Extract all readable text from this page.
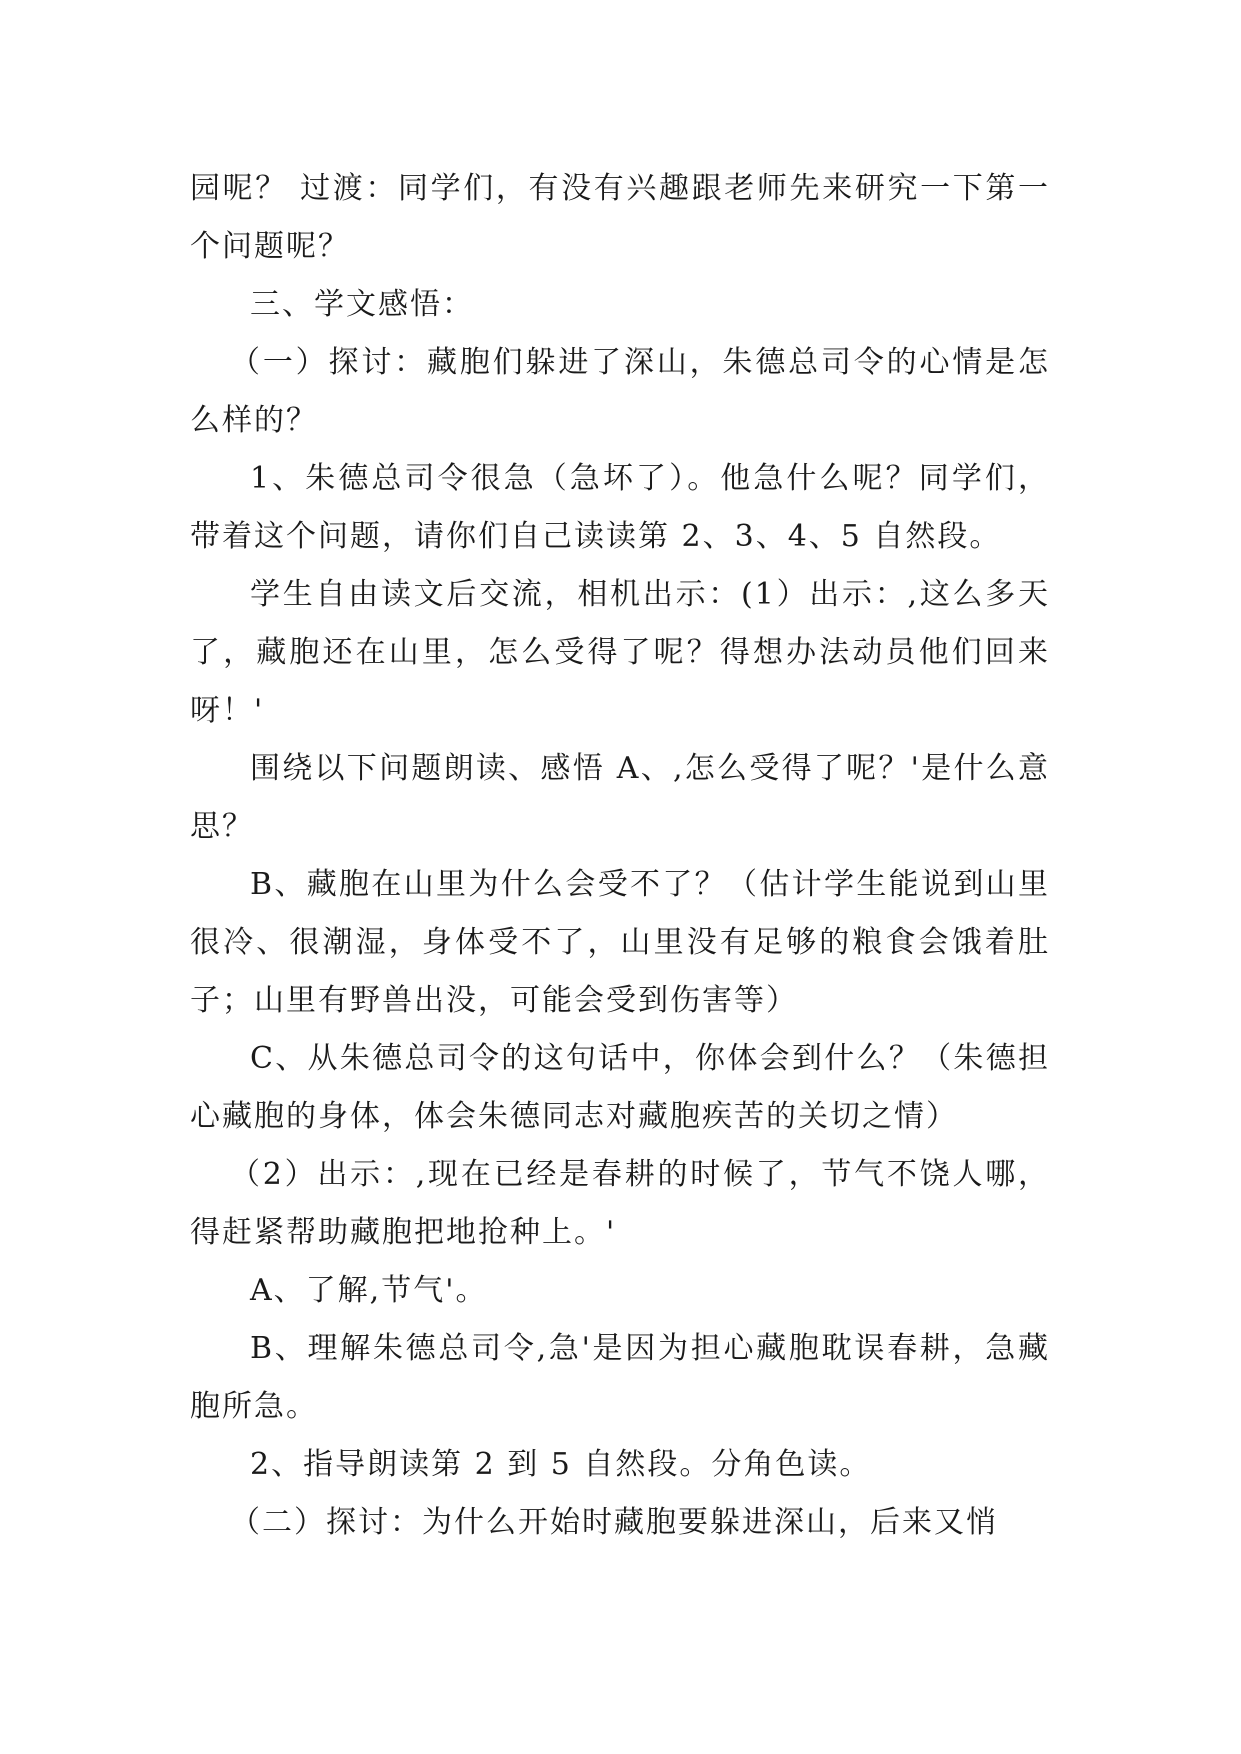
园呢？ 过渡：同学们，有没有兴趣跟老师先来研究一下第一个问题呢？

三、学文感悟：

（一）探讨：藏胞们躲进了深山，朱德总司令的心情是怎么样的？

1、朱德总司令很急（急坏了）。他急什么呢？同学们，带着这个问题，请你们自己读读第 2、3、4、5 自然段。

学生自由读文后交流，相机出示：(1）出示：,这么多天了，藏胞还在山里，怎么受得了呢？得想办法动员他们回来呀！'

围绕以下问题朗读、感悟 A、,怎么受得了呢？'是什么意思？

B、藏胞在山里为什么会受不了？（估计学生能说到山里很冷、很潮湿，身体受不了，山里没有足够的粮食会饿着肚子；山里有野兽出没，可能会受到伤害等）

C、从朱德总司令的这句话中，你体会到什么？（朱德担心藏胞的身体，体会朱德同志对藏胞疾苦的关切之情）

（2）出示：,现在已经是春耕的时候了，节气不饶人哪，得赶紧帮助藏胞把地抢种上。'

A、了解,节气'。

B、理解朱德总司令,急'是因为担心藏胞耽误春耕，急藏胞所急。

2、指导朗读第 2 到 5 自然段。分角色读。

（二）探讨：为什么开始时藏胞要躲进深山，后来又悄
